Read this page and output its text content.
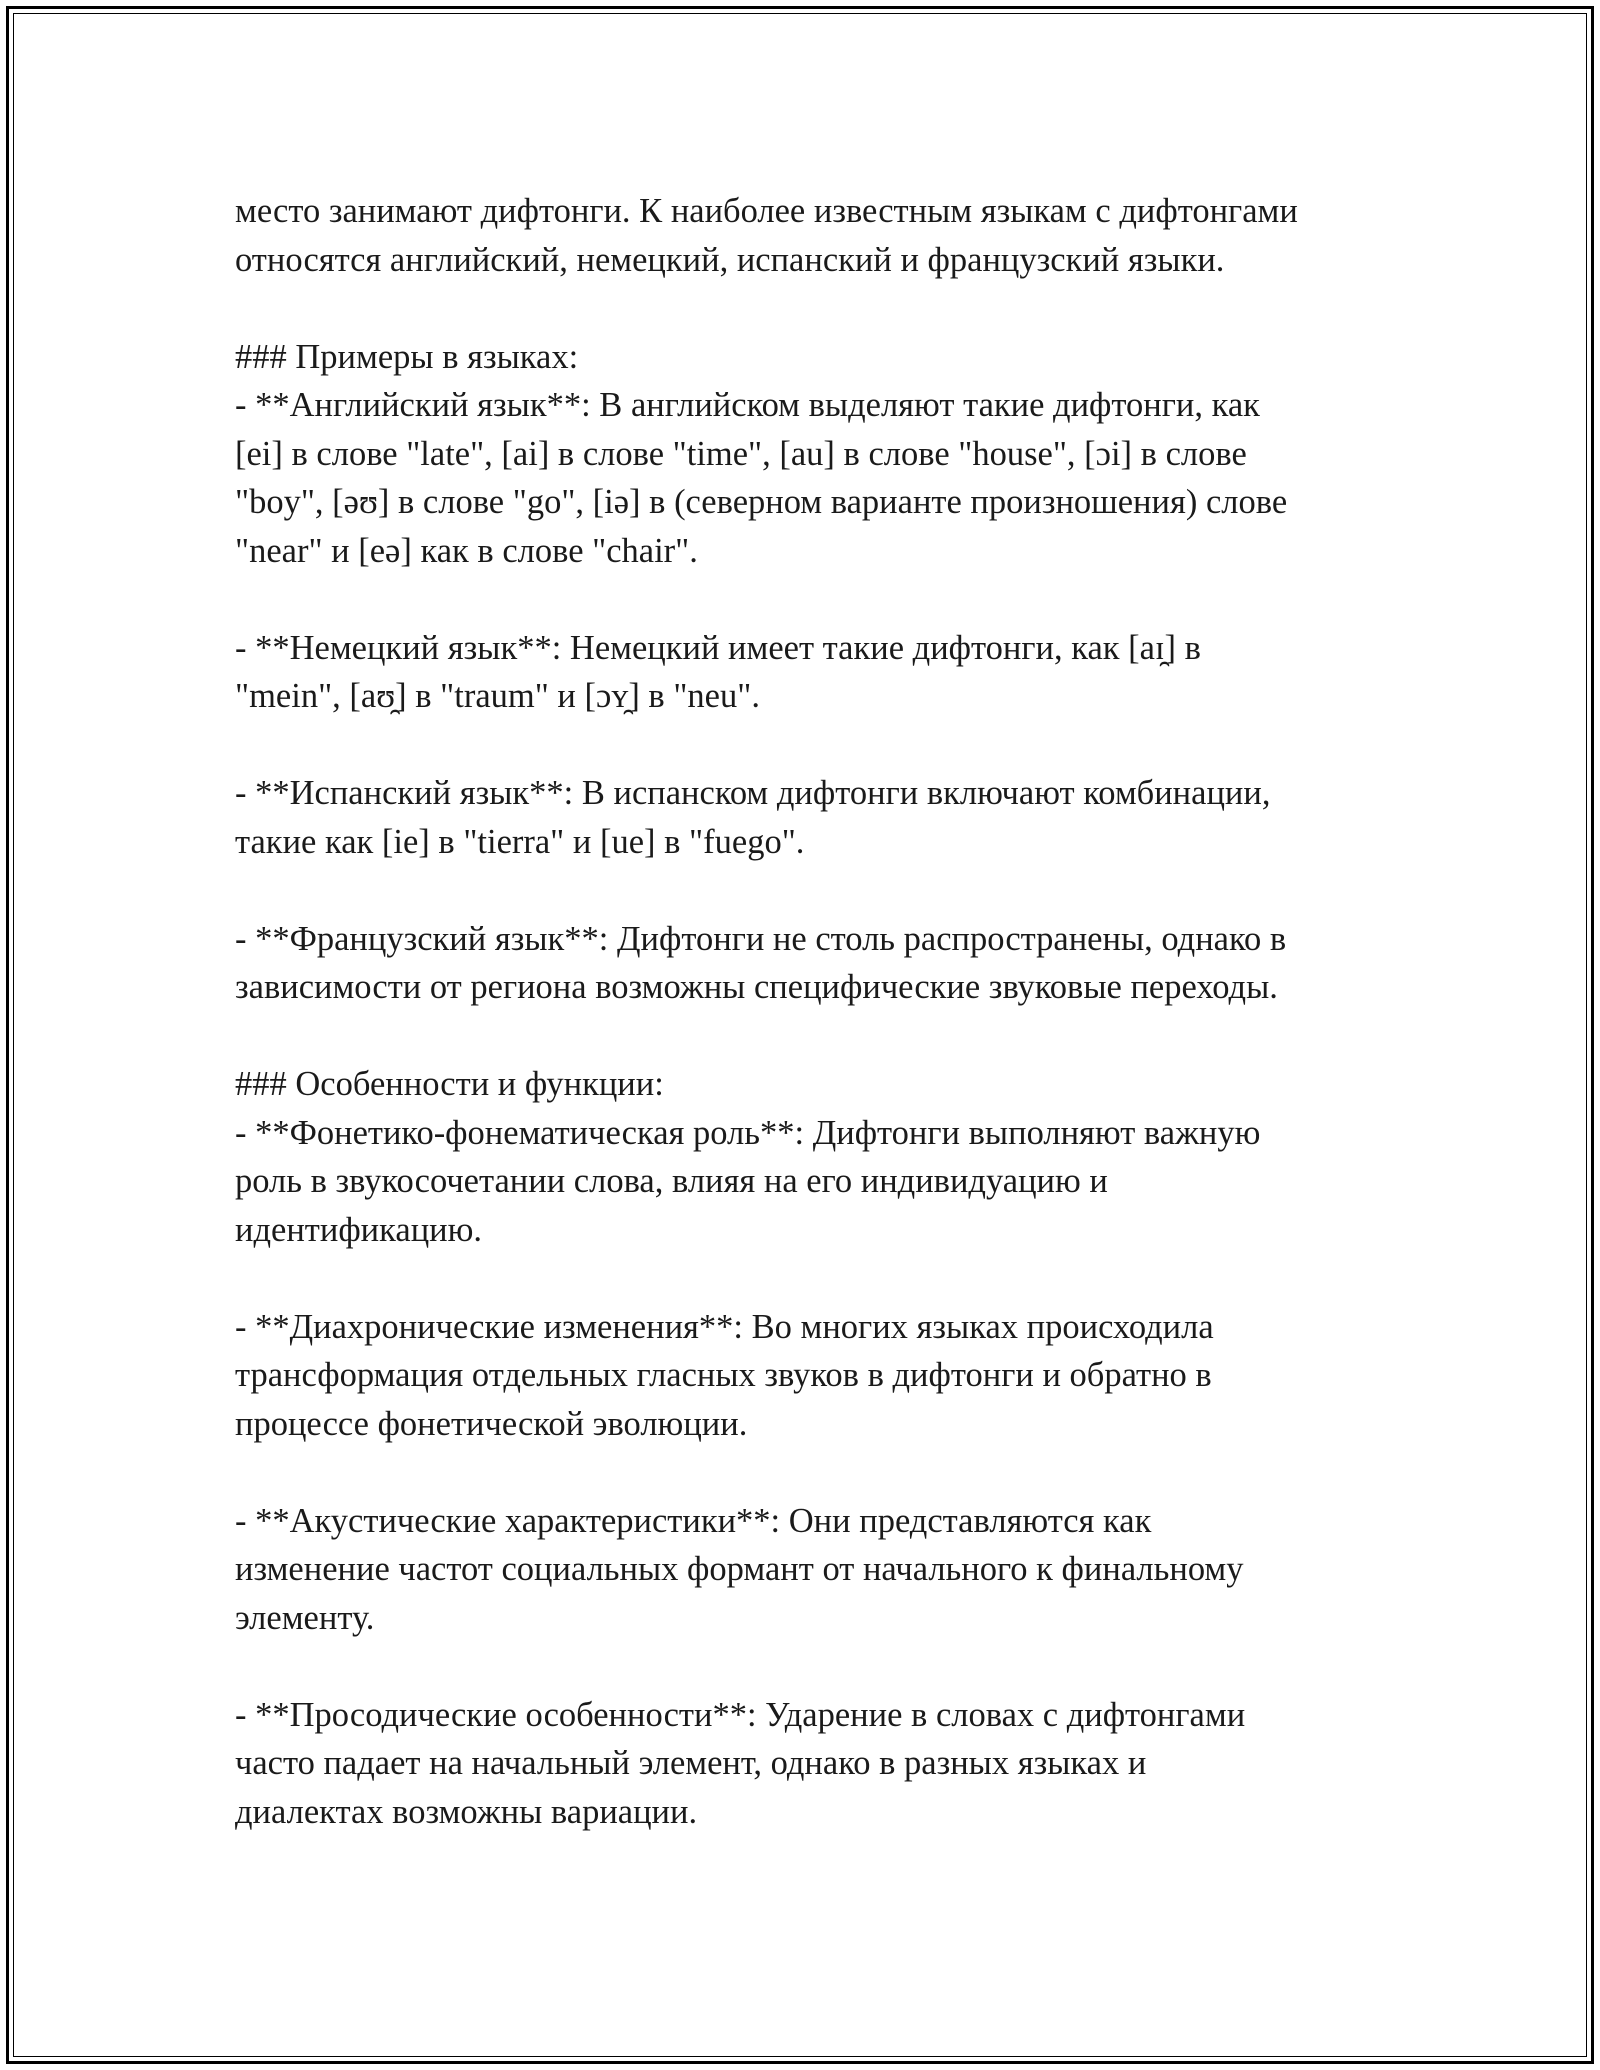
место занимают дифтонги. К наиболее известным языкам с дифтонгами
относятся английский, немецкий, испанский и французский языки.
### Примеры в языках:
- **Английский язык**: В английском выделяют такие дифтонги, как
[ei] в слове "late", [ai] в слове "time", [au] в слове "house", [ɔi] в слове
"boy", [əʊ] в слове "go", [iə] в (северном варианте произношения) слове
"near" и [eə] как в слове "chair".
- **Немецкий язык**: Немецкий имеет такие дифтонги, как [aɪ̯] в
"mein", [aʊ̯] в "traum" и [ɔʏ̯] в "neu".
- **Испанский язык**: В испанском дифтонги включают комбинации,
такие как [ie] в "tierra" и [ue] в "fuego".
- **Французский язык**: Дифтонги не столь распространены, однако в
зависимости от региона возможны специфические звуковые переходы.
### Особенности и функции:
- **Фонетико-фонематическая роль**: Дифтонги выполняют важную
роль в звукосочетании слова, влияя на его индивидуацию и
идентификацию.
- **Диахронические изменения**: Во многих языках происходила
трансформация отдельных гласных звуков в дифтонги и обратно в
процессе фонетической эволюции.
- **Акустические характеристики**: Они представляются как
изменение частот социальных формант от начального к финальному
элементу.
- **Просодические особенности**: Ударение в словах с дифтонгами
часто падает на начальный элемент, однако в разных языках и
диалектах возможны вариации.
